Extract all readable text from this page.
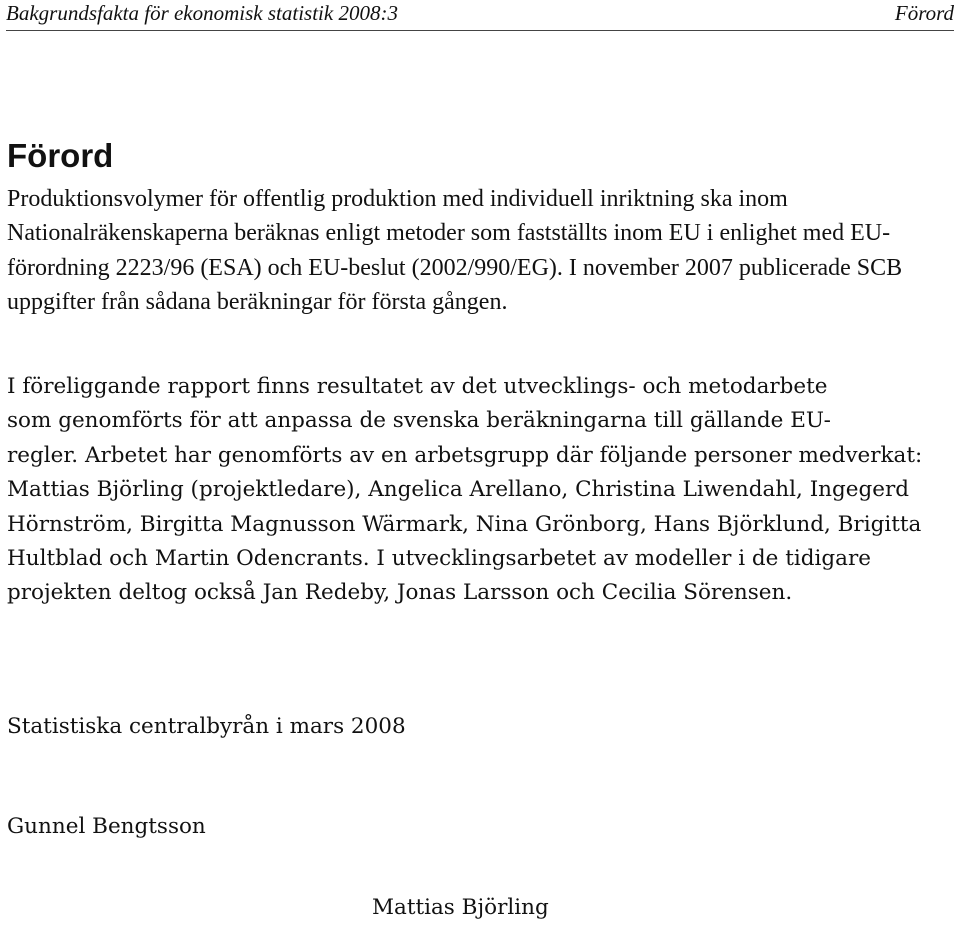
Bakgrundsfakta för ekonomisk statistik 2008:3	Förord
Förord

Produktionsvolymer för offentlig produktion med individuell inriktning ska inom Nationalräkenskaperna beräknas enligt metoder som fastställts inom EU i enlighet med EU-förordning 2223/96 (ESA) och EU-beslut (2002/990/EG). I november 2007 publicerade SCB uppgifter från sådana beräkningar för första gången.

I föreliggande rapport finns resultatet av det utvecklings- och metodarbete
som genomförts för att anpassa de svenska beräkningarna till gällande EU-
regler. Arbetet har genomförts av en arbetsgrupp där följande personer medverkat: Mattias Björling (projektledare), Angelica Arellano, Christina Liwendahl, Ingegerd Hörnström, Birgitta Magnusson Wärmark, Nina Grönborg, Hans Björklund, Brigitta Hultblad och Martin Odencrants. I utvecklingsarbetet av modeller i de tidigare projekten deltog också Jan Redeby, Jonas Larsson och Cecilia Sörensen.

Statistiska centralbyrån i mars 2008

Gunnel Bengtsson

Mattias Björling
